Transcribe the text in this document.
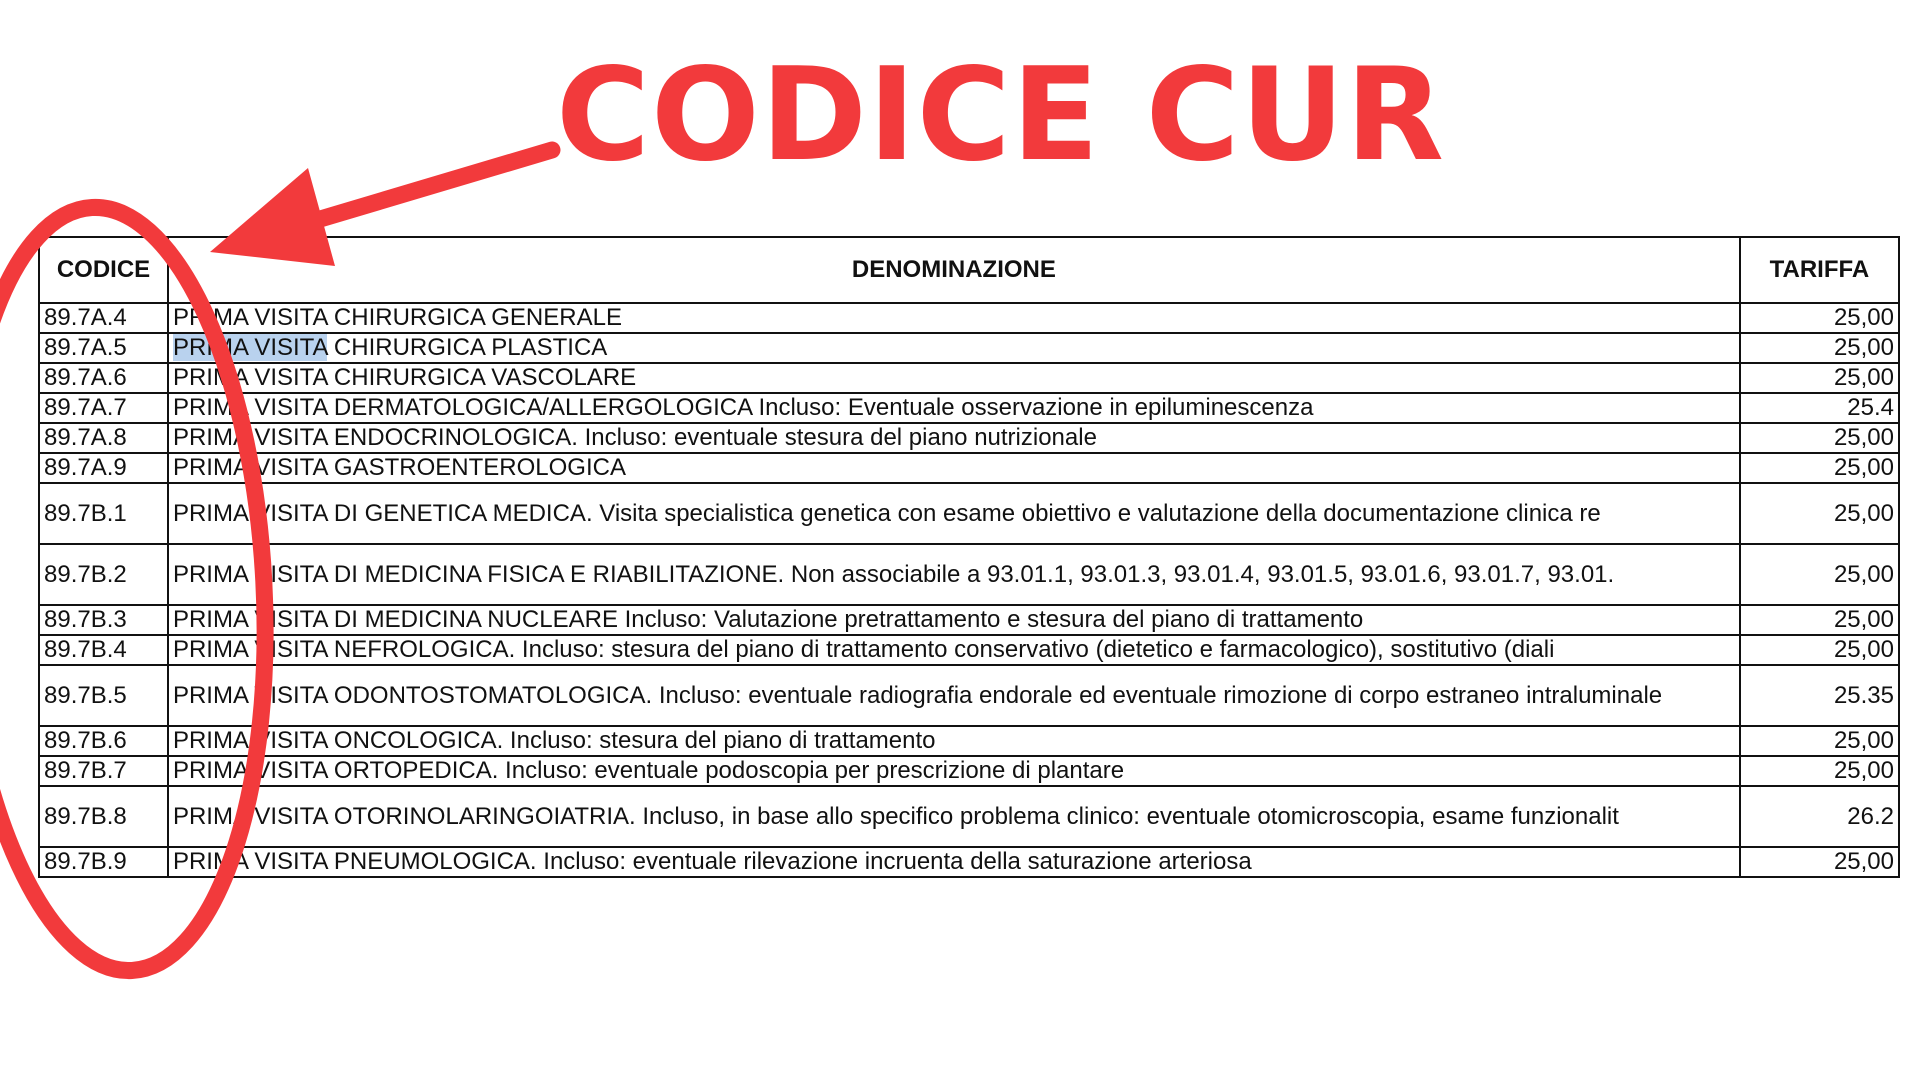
CODICE CUR
CODICE	DENOMINAZIONE	TARIFFA
89.7A.4	PRIMA VISITA CHIRURGICA GENERALE	25,00
89.7A.5	PRIMA VISITA CHIRURGICA PLASTICA	25,00
89.7A.6	PRIMA VISITA CHIRURGICA VASCOLARE	25,00
89.7A.7	PRIMA VISITA DERMATOLOGICA/ALLERGOLOGICA Incluso: Eventuale osservazione in epiluminescenza	25.4
89.7A.8	PRIMA VISITA ENDOCRINOLOGICA. Incluso: eventuale stesura del piano nutrizionale	25,00
89.7A.9	PRIMA VISITA GASTROENTEROLOGICA	25,00
89.7B.1	PRIMA VISITA DI GENETICA MEDICA. Visita specialistica genetica con esame obiettivo e valutazione della documentazione clinica re	25,00
89.7B.2	PRIMA VISITA DI MEDICINA FISICA E RIABILITAZIONE. Non associabile a 93.01.1, 93.01.3, 93.01.4, 93.01.5, 93.01.6, 93.01.7, 93.01.	25,00
89.7B.3	PRIMA VISITA DI MEDICINA NUCLEARE Incluso: Valutazione pretrattamento e stesura del piano di trattamento	25,00
89.7B.4	PRIMA VISITA NEFROLOGICA. Incluso: stesura del piano di trattamento conservativo (dietetico e farmacologico), sostitutivo (diali	25,00
89.7B.5	PRIMA VISITA ODONTOSTOMATOLOGICA. Incluso: eventuale radiografia endorale ed eventuale rimozione di corpo estraneo intraluminale	25.35
89.7B.6	PRIMA VISITA ONCOLOGICA. Incluso: stesura del piano di trattamento	25,00
89.7B.7	PRIMA VISITA ORTOPEDICA. Incluso: eventuale podoscopia per prescrizione di plantare	25,00
89.7B.8	PRIMA VISITA OTORINOLARINGOIATRIA. Incluso, in base allo specifico problema clinico: eventuale otomicroscopia, esame funzionalit	26.2
89.7B.9	PRIMA VISITA PNEUMOLOGICA. Incluso: eventuale rilevazione incruenta della saturazione arteriosa	25,00
